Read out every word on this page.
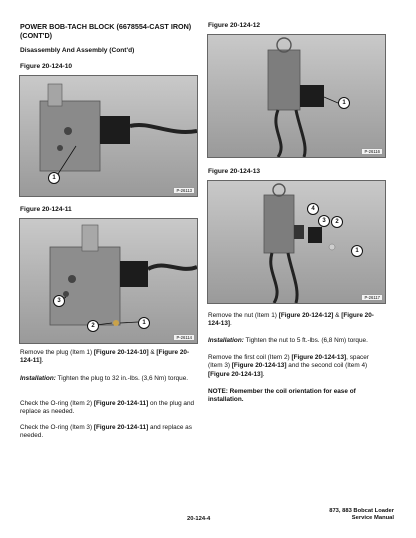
POWER BOB-TACH BLOCK (6678554-CAST IRON)
(CONT'D)
Disassembly And Assembly (Cont'd)
Figure 20-124-10
1
P-26113
Figure 20-124-11
3
2	1
P-26114
Remove the plug (Item 1) [Figure 20-124-10] & [Figure 20-124-11].
Installation: Tighten the plug to 32 in.-lbs. (3,6 Nm) torque.
Check the O-ring (Item 2) [Figure 20-124-11] on the plug and replace as needed.
Check the O-ring (Item 3) [Figure 20-124-11] and replace as needed.
Figure 20-124-12
1
P-26116
Figure 20-124-13
4
3	2
1
P-26117
Remove the nut (Item 1) [Figure 20-124-12] & [Figure 20-124-13].
Installation: Tighten the nut to 5 ft.-lbs. (6,8 Nm) torque.
Remove the first coil (Item 2) [Figure 20-124-13], spacer (Item 3) [Figure 20-124-13] and the second coil (Item 4) [Figure 20-124-13].
NOTE: Remember the coil orientation for ease of installation.
873, 883 Bobcat Loader
Service Manual
20-124-4
